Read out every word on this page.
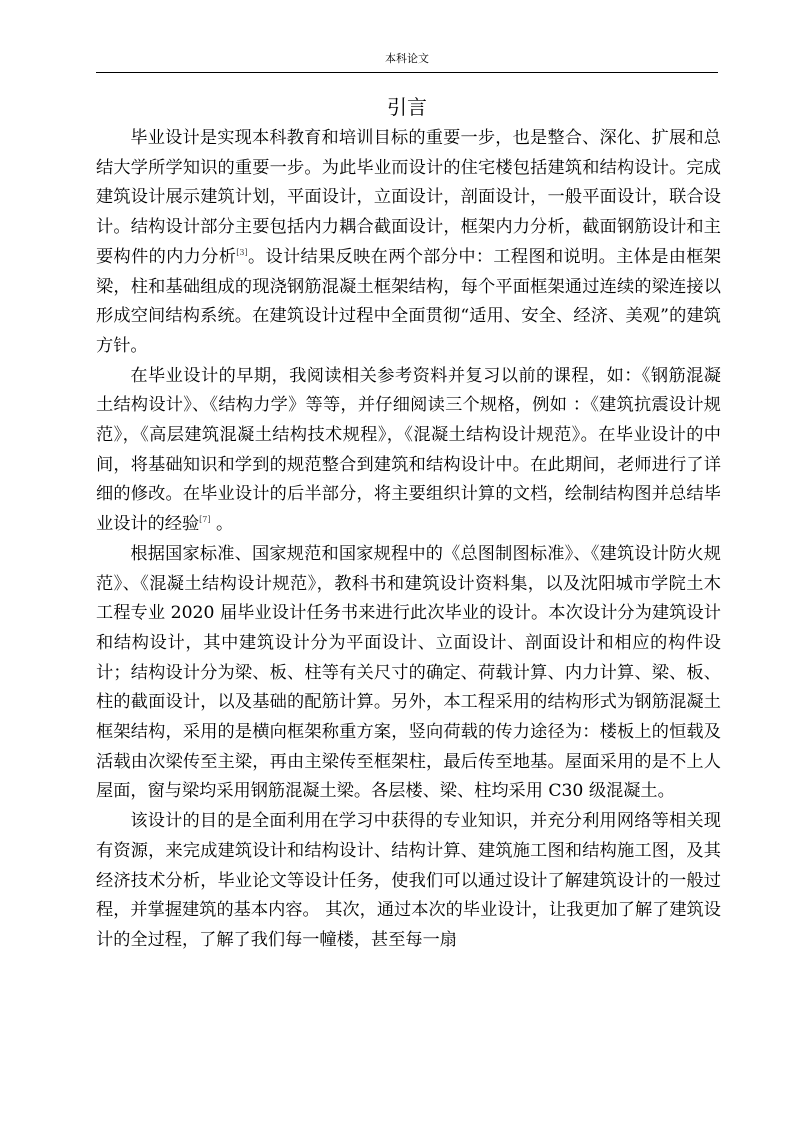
本科论文
引言

毕业设计是实现本科教育和培训目标的重要一步，也是整合、深化、扩展和总结大学所学知识的重要一步。为此毕业而设计的住宅楼包括建筑和结构设计。完成建筑设计展示建筑计划，平面设计，立面设计，剖面设计，一般平面设计，联合设计。结构设计部分主要包括内力耦合截面设计，框架内力分析，截面钢筋设计和主要构件的内力分析[3]。设计结果反映在两个部分中：工程图和说明。主体是由框架梁，柱和基础组成的现浇钢筋混凝土框架结构，每个平面框架通过连续的梁连接以形成空间结构系统。在建筑设计过程中全面贯彻“适用、安全、经济、美观”的建筑方针。

在毕业设计的早期，我阅读相关参考资料并复习以前的课程，如：《钢筋混凝土结构设计》、《结构力学》等等，并仔细阅读三个规格，例如 ：《建筑抗震设计规范》，《高层建筑混凝土结构技术规程》，《混凝土结构设计规范》。在毕业设计的中间，将基础知识和学到的规范整合到建筑和结构设计中。在此期间，老师进行了详细的修改。在毕业设计的后半部分，将主要组织计算的文档，绘制结构图并总结毕业设计的经验[7] 。

根据国家标准、国家规范和国家规程中的《总图制图标准》、《建筑设计防火规范》、《混凝土结构设计规范》，教科书和建筑设计资料集，以及沈阳城市学院土木工程专业 2020 届毕业设计任务书来进行此次毕业的设计。本次设计分为建筑设计和结构设计，其中建筑设计分为平面设计、立面设计、剖面设计和相应的构件设计；结构设计分为梁、板、柱等有关尺寸的确定、荷载计算、内力计算、梁、板、柱的截面设计，以及基础的配筋计算。另外，本工程采用的结构形式为钢筋混凝土框架结构，采用的是横向框架称重方案，竖向荷载的传力途径为：楼板上的恒载及活载由次梁传至主梁，再由主梁传至框架柱，最后传至地基。屋面采用的是不上人屋面，窗与梁均采用钢筋混凝土梁。各层楼、梁、柱均采用 C30 级混凝土。

该设计的目的是全面利用在学习中获得的专业知识，并充分利用网络等相关现有资源，来完成建筑设计和结构设计、结构计算、建筑施工图和结构施工图，及其经济技术分析，毕业论文等设计任务，使我们可以通过设计了解建筑设计的一般过程，并掌握建筑的基本内容。 其次，通过本次的毕业设计，让我更加了解了建筑设计的全过程，了解了我们每一幢楼，甚至每一扇
